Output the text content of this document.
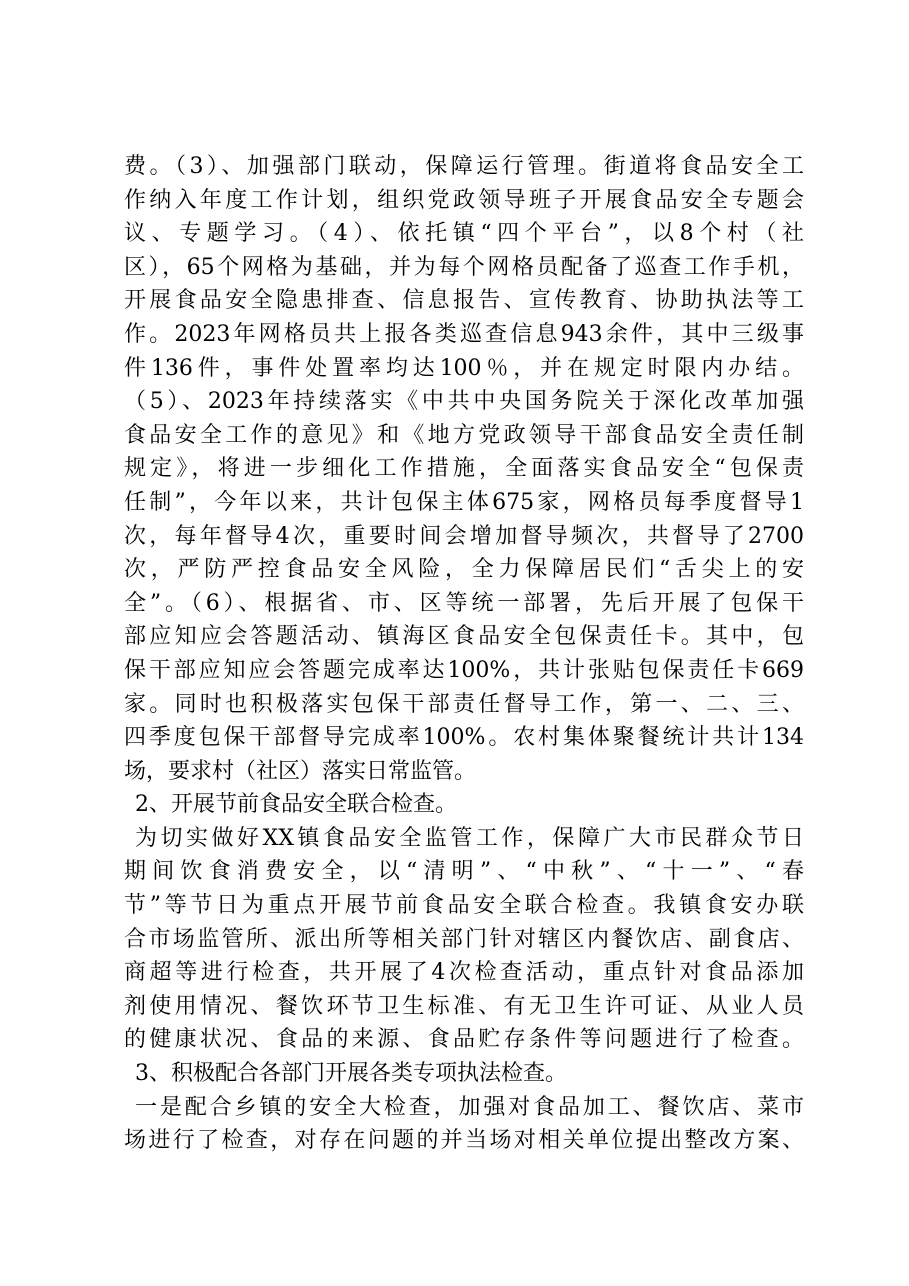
费。（3）、加强部门联动，保障运行管理。街道将食品安全工
作纳入年度工作计划，组织党政领导班子开展食品安全专题会
议、专题学习。（4）、依托镇“四个平台”，以8个村（社
区），65个网格为基础，并为每个网格员配备了巡查工作手机，
开展食品安全隐患排查、信息报告、宣传教育、协助执法等工
作。2023年网格员共上报各类巡查信息943余件，其中三级事
件136件，事件处置率均达100％，并在规定时限内办结。
（5）、2023年持续落实《中共中央国务院关于深化改革加强
食品安全工作的意见》和《地方党政领导干部食品安全责任制
规定》，将进一步细化工作措施，全面落实食品安全“包保责
任制”，今年以来，共计包保主体675家，网格员每季度督导1
次，每年督导4次，重要时间会增加督导频次，共督导了2700
次，严防严控食品安全风险，全力保障居民们“舌尖上的安
全”。（6）、根据省、市、区等统一部署，先后开展了包保干
部应知应会答题活动、镇海区食品安全包保责任卡。其中，包
保干部应知应会答题完成率达100%，共计张贴包保责任卡669
家。同时也积极落实包保干部责任督导工作，第一、二、三、
四季度包保干部督导完成率100%。农村集体聚餐统计共计134
场，要求村（社区）落实日常监管。
2、开展节前食品安全联合检查。
为切实做好XX镇食品安全监管工作，保障广大市民群众节日
期间饮食消费安全，以“清明”、“中秋”、“十一”、“春
节”等节日为重点开展节前食品安全联合检查。我镇食安办联
合市场监管所、派出所等相关部门针对辖区内餐饮店、副食店、
商超等进行检查，共开展了4次检查活动，重点针对食品添加
剂使用情况、餐饮环节卫生标准、有无卫生许可证、从业人员
的健康状况、食品的来源、食品贮存条件等问题进行了检查。
3、积极配合各部门开展各类专项执法检查。
一是配合乡镇的安全大检查，加强对食品加工、餐饮店、菜市
场进行了检查，对存在问题的并当场对相关单位提出整改方案、
